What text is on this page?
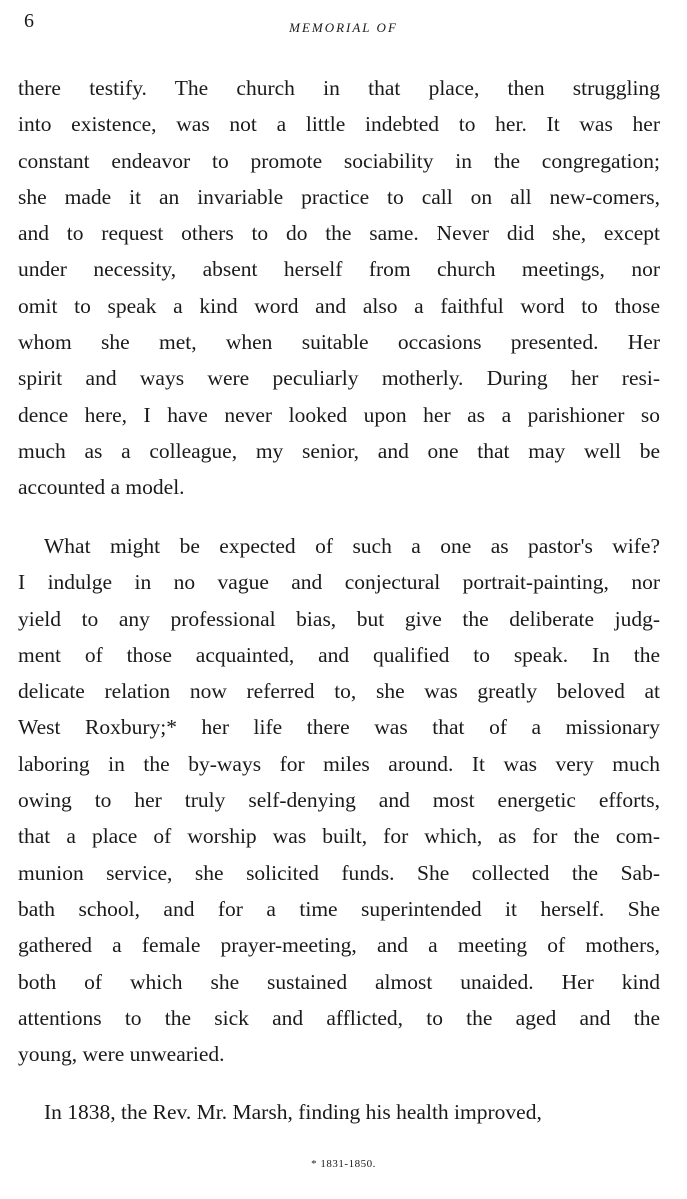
6	MEMORIAL OF
there testify. The church in that place, then struggling
into existence, was not a little indebted to her. It was her
constant endeavor to promote sociability in the congregation;
she made it an invariable practice to call on all new-comers,
and to request others to do the same. Never did she, except
under necessity, absent herself from church meetings, nor
omit to speak a kind word and also a faithful word to those
whom she met, when suitable occasions presented. Her
spirit and ways were peculiarly motherly. During her resi-
dence here, I have never looked upon her as a parishioner so
much as a colleague, my senior, and one that may well be
accounted a model.
What might be expected of such a one as pastor's wife?
I indulge in no vague and conjectural portrait-painting, nor
yield to any professional bias, but give the deliberate judg-
ment of those acquainted, and qualified to speak. In the
delicate relation now referred to, she was greatly beloved at
West Roxbury;* her life there was that of a missionary
laboring in the by-ways for miles around. It was very much
owing to her truly self-denying and most energetic efforts,
that a place of worship was built, for which, as for the com-
munion service, she solicited funds. She collected the Sab-
bath school, and for a time superintended it herself. She
gathered a female prayer-meeting, and a meeting of mothers,
both of which she sustained almost unaided. Her kind
attentions to the sick and afflicted, to the aged and the
young, were unwearied.
In 1838, the Rev. Mr. Marsh, finding his health improved,
* 1831-1850.
